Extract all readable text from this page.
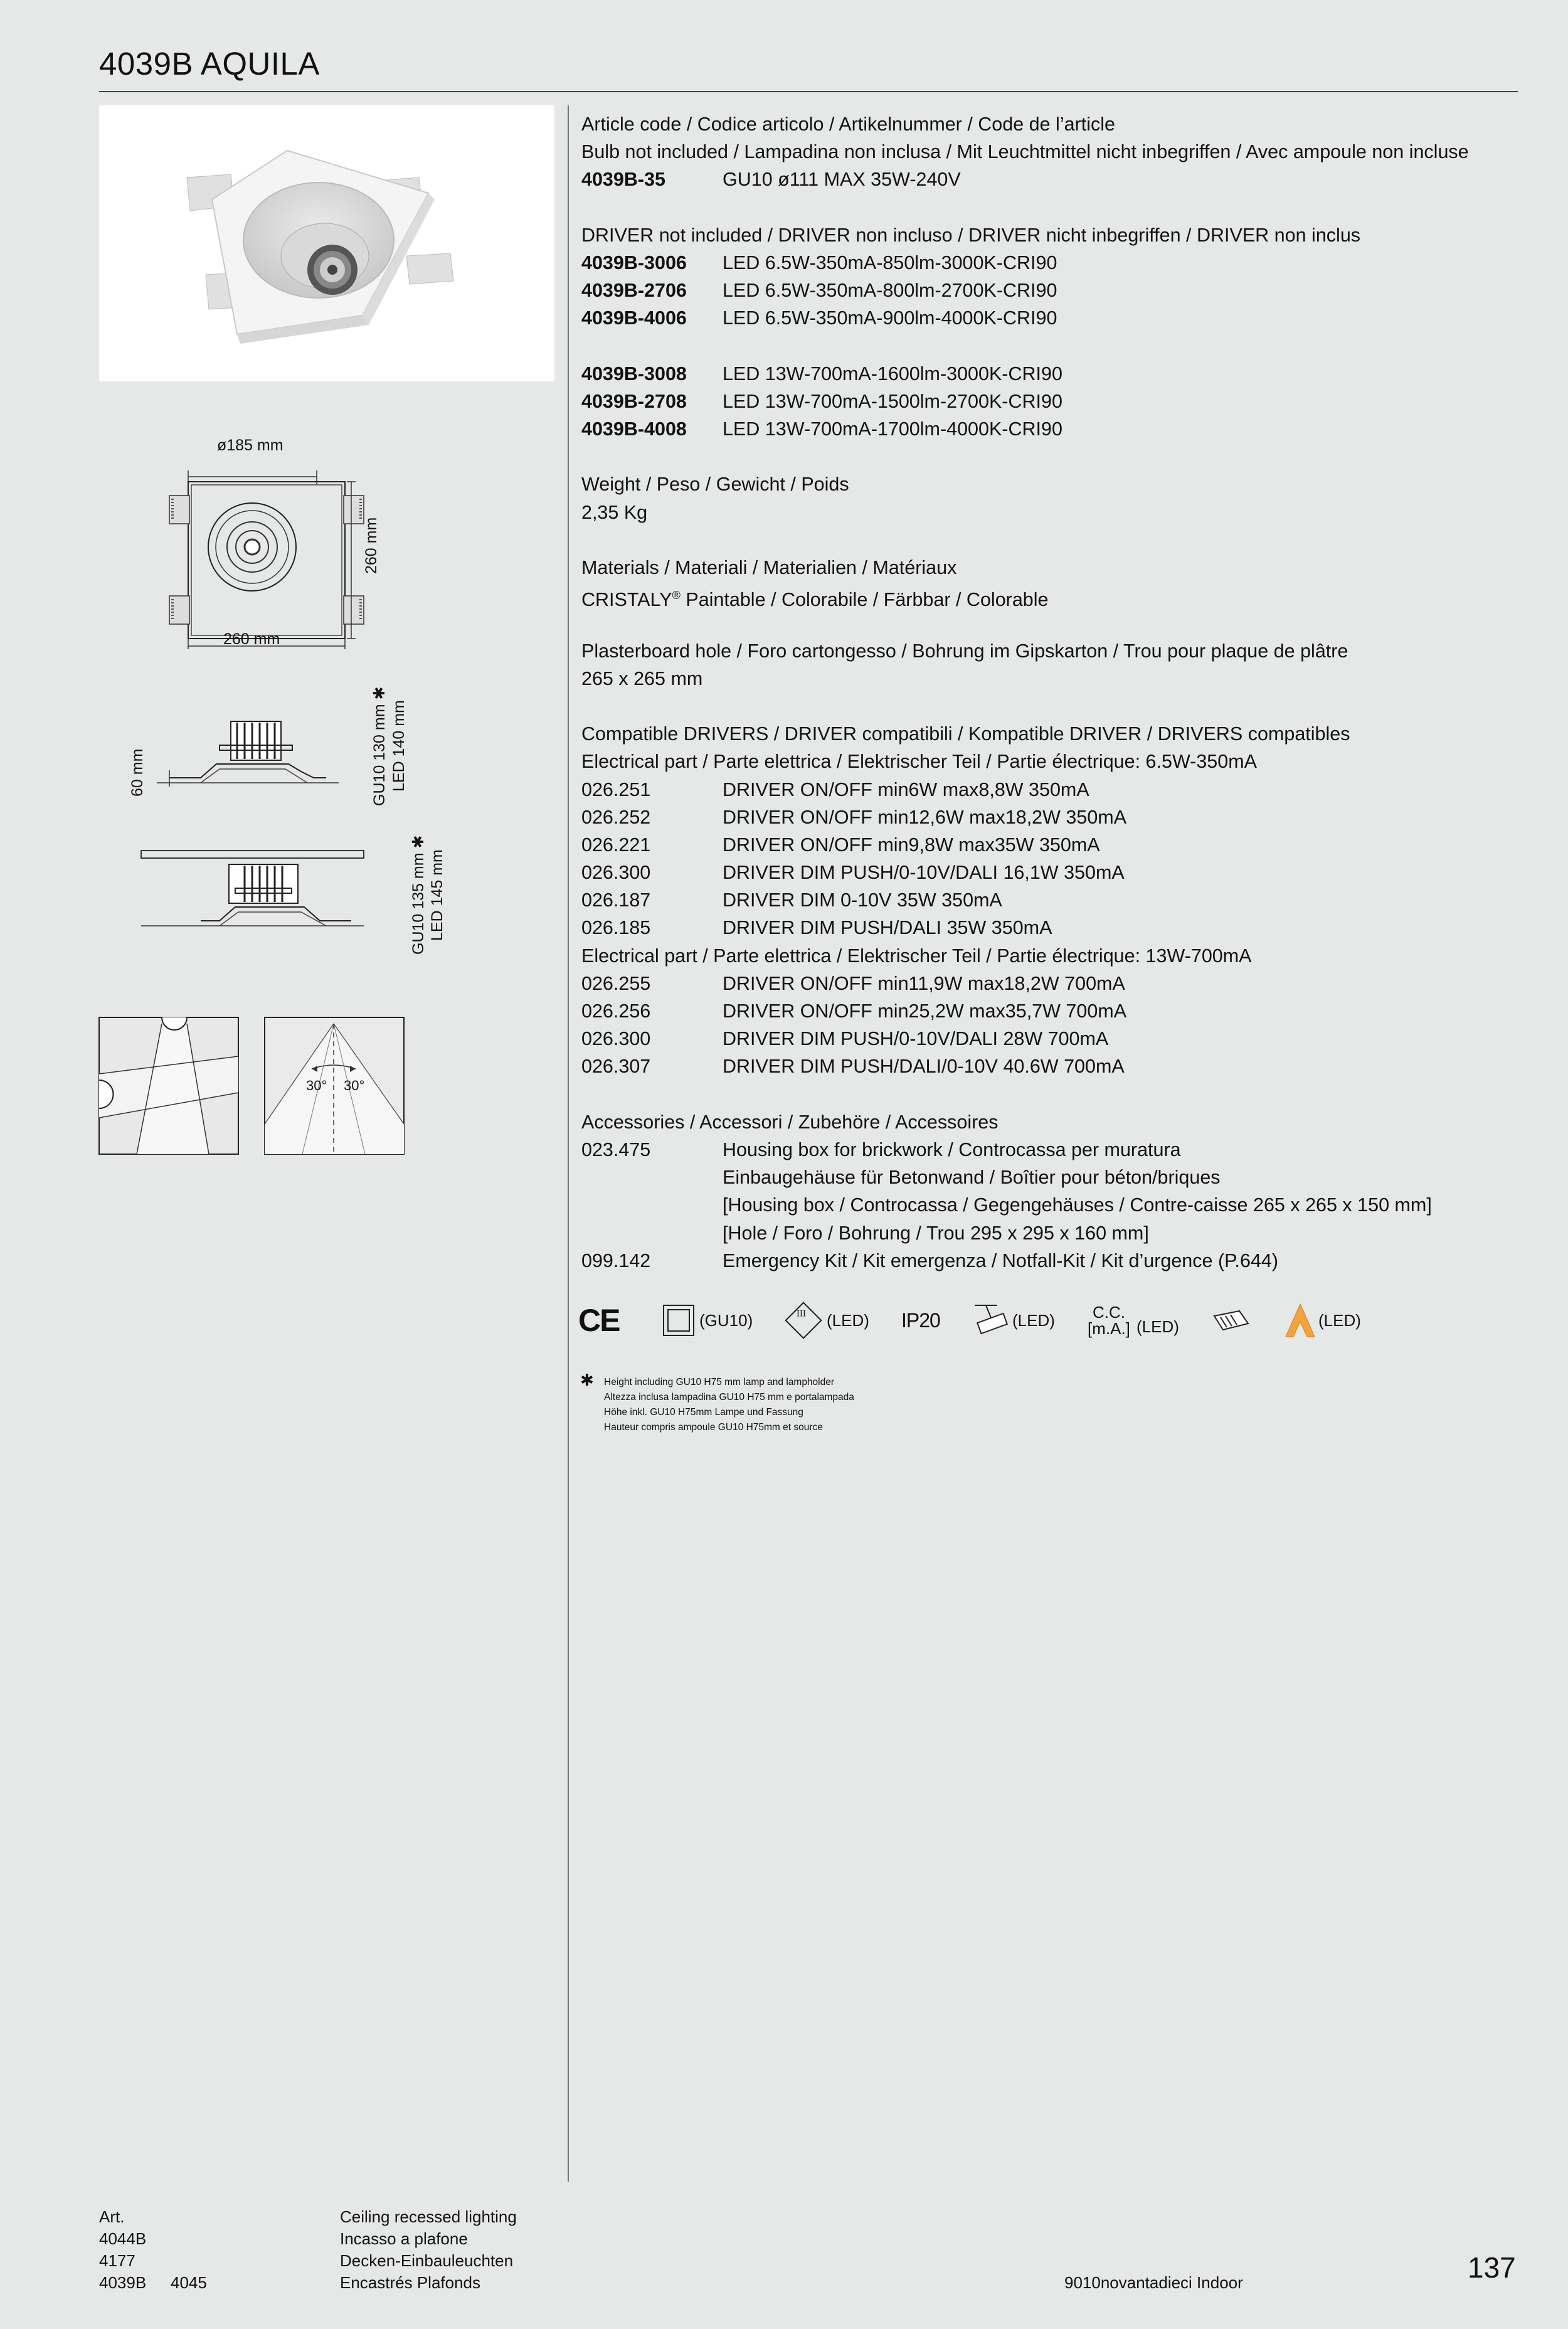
4039B AQUILA
ø185 mm
260 mm
260 mm
60 mm	GU10 130 mm ✱ LED 140 mm
GU10 135 mm ✱ LED 145 mm
30° 30°
Article code / Codice articolo / Artikelnummer / Code de l’article
Bulb not included / Lampadina non inclusa / Mit Leuchtmittel nicht inbegriffen / Avec ampoule non incluse
4039B-35	GU10 ø111 MAX 35W-240V
DRIVER not included / DRIVER non incluso / DRIVER nicht inbegriffen / DRIVER non inclus
4039B-3006 LED 6.5W-350mA-850lm-3000K-CRI90
4039B-2706 LED 6.5W-350mA-800lm-2700K-CRI90
4039B-4006 LED 6.5W-350mA-900lm-4000K-CRI90
4039B-3008 LED 13W-700mA-1600lm-3000K-CRI90
4039B-2708 LED 13W-700mA-1500lm-2700K-CRI90
4039B-4008 LED 13W-700mA-1700lm-4000K-CRI90
Weight / Peso / Gewicht / Poids
2,35 Kg
Materials / Materiali / Materialien / Matériaux
CRISTALY® Paintable / Colorabile / Färbbar / Colorable
Plasterboard hole / Foro cartongesso / Bohrung im Gipskarton / Trou pour plaque de plâtre
265 x 265 mm
Compatible DRIVERS / DRIVER compatibili / Kompatible DRIVER / DRIVERS compatibles
Electrical part / Parte elettrica / Elektrischer Teil / Partie électrique: 6.5W-350mA
026.251	DRIVER ON/OFF min6W max8,8W 350mA
026.252	DRIVER ON/OFF min12,6W max18,2W 350mA
026.221	DRIVER ON/OFF min9,8W max35W 350mA
026.300	DRIVER DIM PUSH/0-10V/DALI 16,1W 350mA
026.187	DRIVER DIM 0-10V 35W 350mA
026.185	DRIVER DIM PUSH/DALI 35W 350mA
Electrical part / Parte elettrica / Elektrischer Teil / Partie électrique: 13W-700mA
026.255	DRIVER ON/OFF min11,9W max18,2W 700mA
026.256	DRIVER ON/OFF min25,2W max35,7W 700mA
026.300	DRIVER DIM PUSH/0-10V/DALI 28W 700mA
026.307	DRIVER DIM PUSH/DALI/0-10V 40.6W 700mA
Accessories / Accessori / Zubehöre / Accessoires
023.475	Housing box for brickwork / Controcassa per muratura
Einbaugehäuse für Betonwand / Boîtier pour béton/briques
[Housing box / Controcassa / Gegengehäuses / Contre-caisse 265 x 265 x 150 mm]
[Hole / Foro / Bohrung / Trou 295 x 295 x 160 mm]
099.142	Emergency Kit / Kit emergenza / Notfall-Kit / Kit d’urgence (P.644)
CE	(GU10)	III (LED) IP20	(LED) C.C.
[m.A.] (LED)	(LED)
✱ Height including GU10 H75 mm lamp and lampholder
Altezza inclusa lampadina GU10 H75 mm e portalampada
Höhe inkl. GU10 H75mm Lampe und Fassung
Hauteur compris ampoule GU10 H75mm et source
Art.
4044B
4177
4039B 4045
Ceiling recessed lighting
Incasso a plafone
Decken-Einbauleuchten
Encastrés Plafonds	9010novantadieci Indoor	137
